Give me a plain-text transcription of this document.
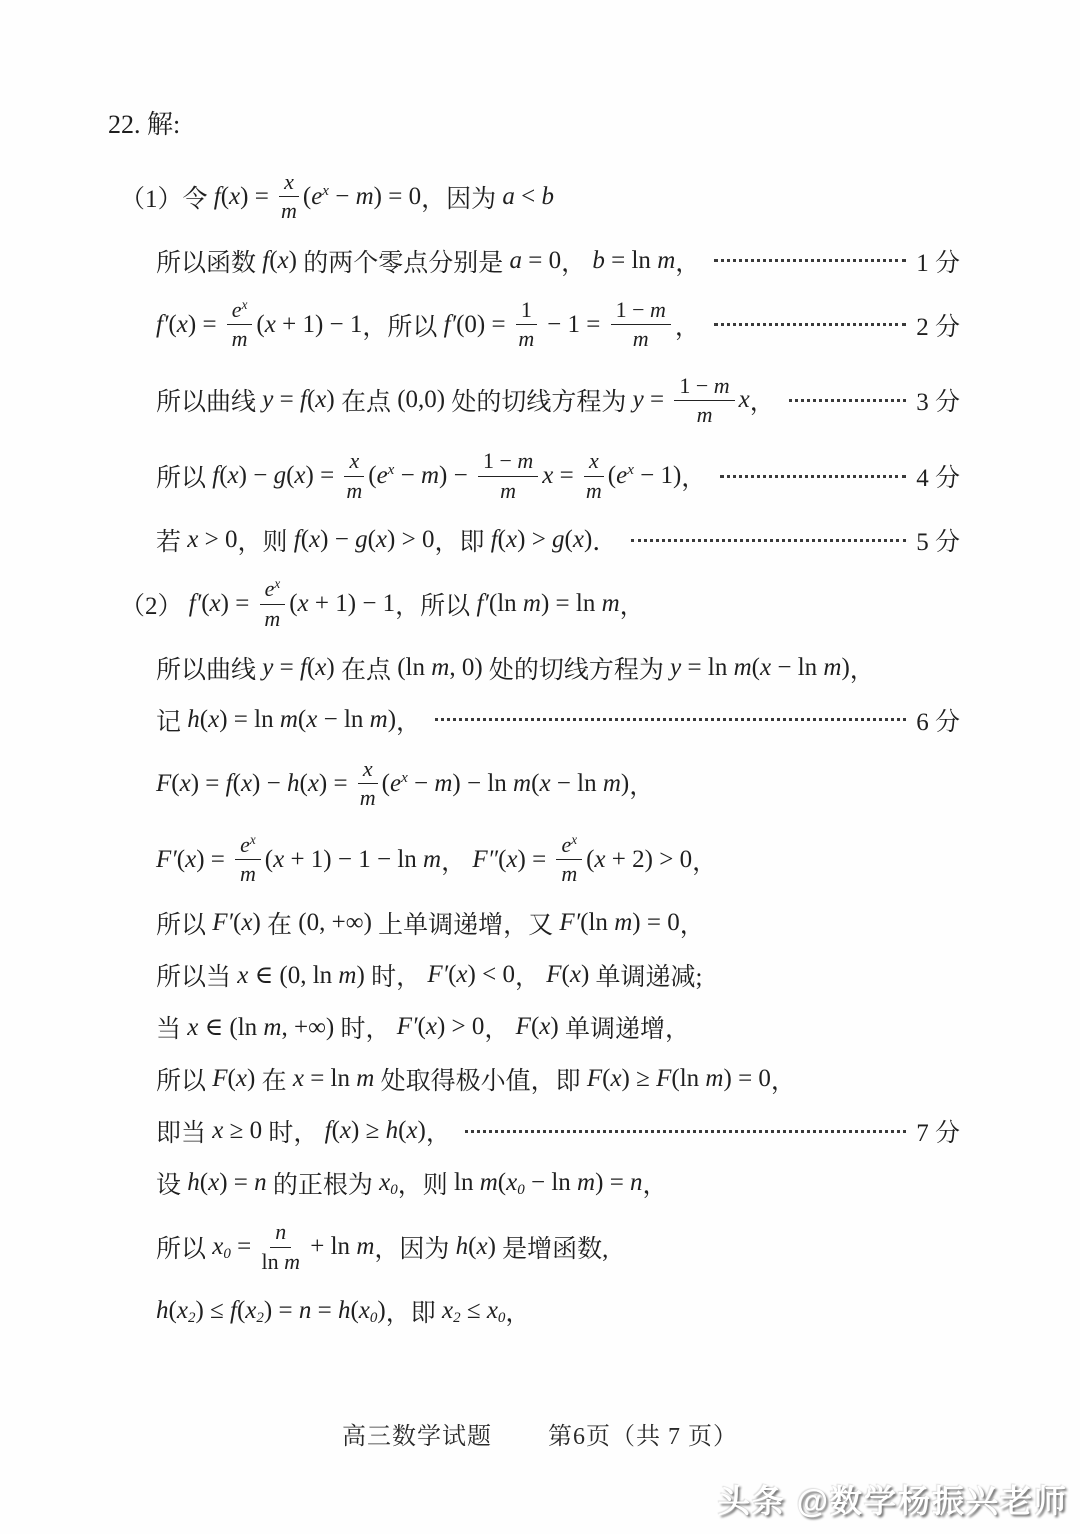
22. 解:
（1）令 $f(x) = \frac{x}{m} (e^x - m) = 0$ ，因为 a < b
所以函数 f(x) 的两个零点分别是 a = 0 ， b = ln m ，	1 分
$f'(x) = \frac{e^x}{m} (x + 1) - 1$ ，所以 $f'(0) = \frac{1}{m} - 1 = \frac{1 - m}{m}$ ，	2 分
所以曲线 y = f(x) 在点 (0,0) 处的切线方程为 $y = \frac{1 - m}{m}$ x ，	3 分
所以 $f(x) - g(x) = \frac{x}{m} (e^x - m) - \frac{1 - m}{m}$ $x = \frac{x}{m} (e^x - 1)$ ，	4 分
若 x > 0 ，则 f(x) − g(x) > 0 ，即 f(x) > g(x) ．	5 分
（2） $f'(x) = \frac{e^x}{m} (x + 1) - 1$ ，所以 f′(ln m) = ln m ，
所以曲线 y = f(x) 在点 (ln m, 0) 处的切线方程为 y = ln m(x − ln m) ，
记 h(x) = ln m(x − ln m) ，	6 分
$F(x) = f(x) - h(x) = \frac{x}{m} (e^x - m) - \ln m(x - \ln m)$ ，
$F'(x) = \frac{e^x}{m} (x + 1) - 1 - \ln m$ ， $F''(x) = \frac{e^x}{m} (x + 2) > 0$ ，
所以 F′(x) 在 (0, +∞) 上单调递增，又 F′(ln m) = 0 ，
所以当 x ∈ (0, ln m) 时， F′(x) < 0 ， F(x) 单调递减;
当 x ∈ (ln m, +∞) 时， F′(x) > 0 ， F(x) 单调递增，
所以 F(x) 在 x = ln m 处取得极小值，即 F(x) ≥ F(ln m) = 0 ，
即当 x ≥ 0 时， f(x) ≥ h(x) ，	7 分
设 h(x) = n 的正根为 $x_0$ ，则 $\ln m(x_0 - \ln m) = n$ ，
所以 $x_0 = \frac{n}{\text{ln m}} + \ln m$ ，因为 h(x) 是增函数,
$h(x_2) \le f(x_2) = n = h(x_0)$ ，即 $x_2 \le x_0$ ，
高三数学试题 第6页（共 7 页）
头条 @数学杨振兴老师
